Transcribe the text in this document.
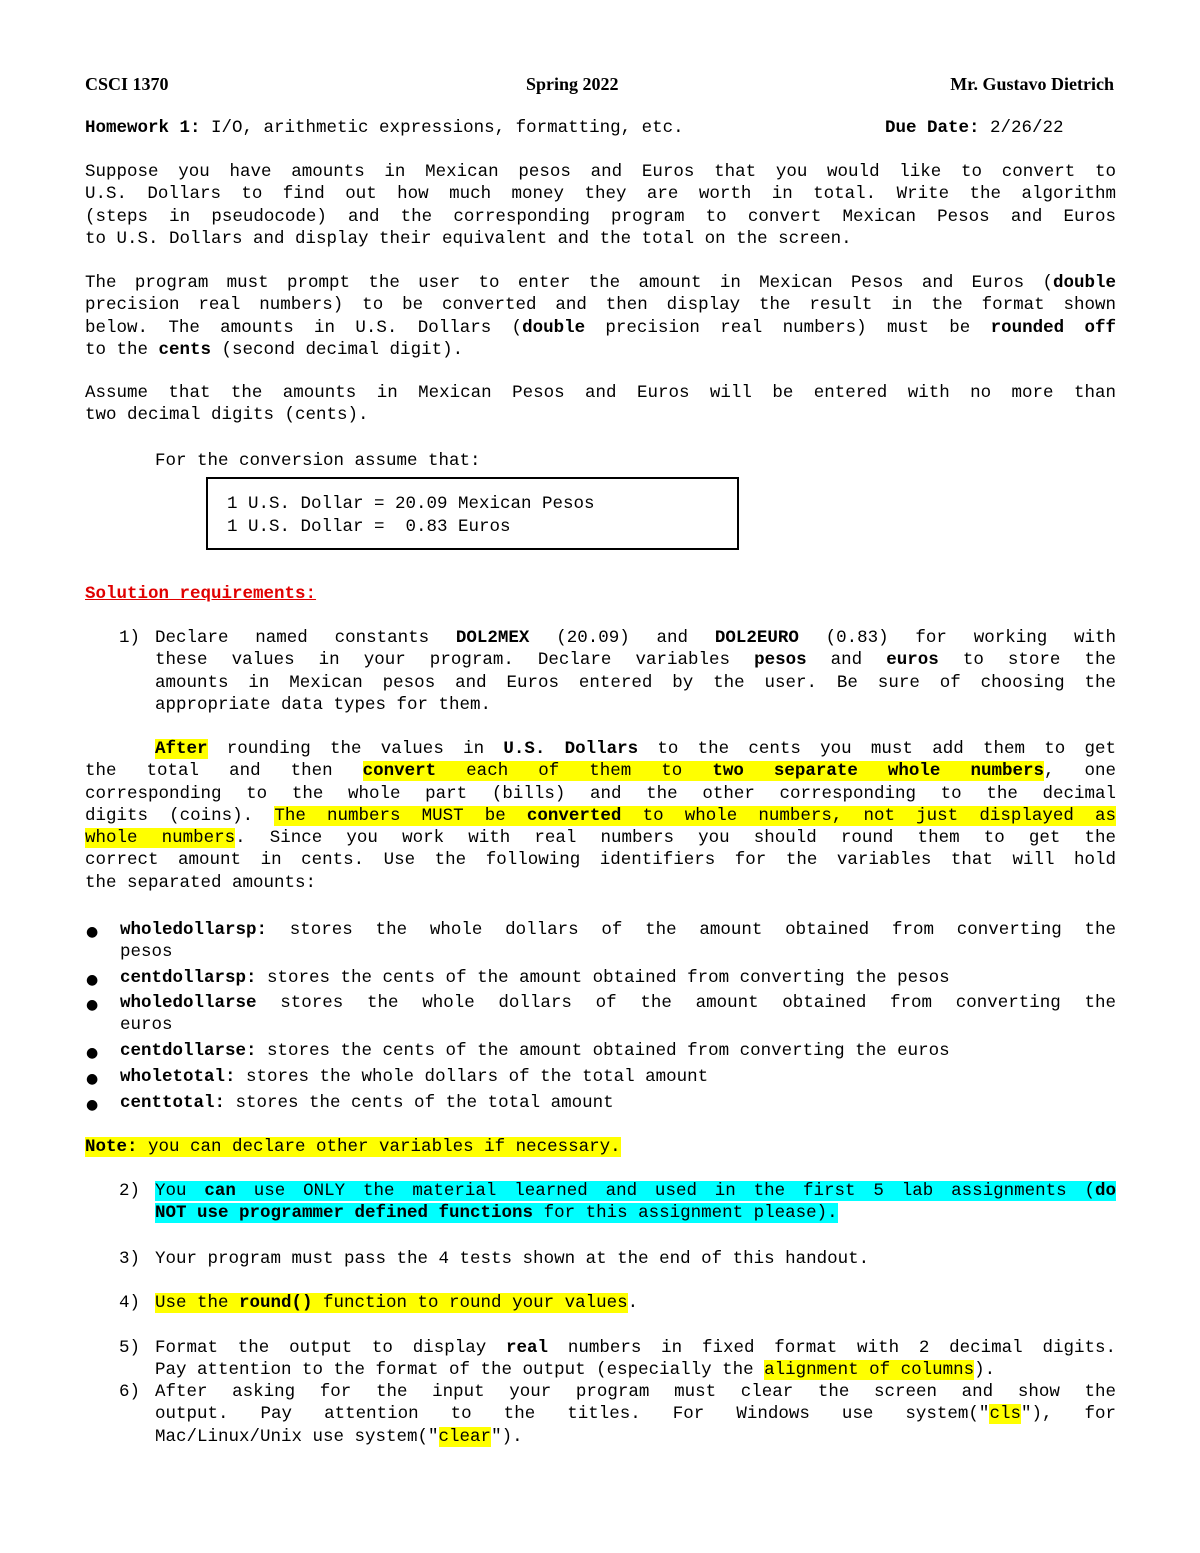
CSCI 1370	Spring 2022	Mr. Gustavo Dietrich
Homework 1: I/O, arithmetic expressions, formatting, etc.	Due Date: 2/26/22
Suppose you have amounts in Mexican pesos and Euros that you would like to convert to
U.S. Dollars to find out how much money they are worth in total. Write the algorithm
(steps in pseudocode) and the corresponding program to convert Mexican Pesos and Euros
to U.S. Dollars and display their equivalent and the total on the screen.
The program must prompt the user to enter the amount in Mexican Pesos and Euros (double
precision real numbers) to be converted and then display the result in the format shown
below. The amounts in U.S. Dollars (double precision real numbers) must be rounded off
to the cents (second decimal digit).
Assume that the amounts in Mexican Pesos and Euros will be entered with no more than
two decimal digits (cents).
For the conversion assume that:
1 U.S. Dollar = 20.09 Mexican Pesos
1 U.S. Dollar =  0.83 Euros
Solution requirements:
1) Declare named constants DOL2MEX (20.09) and DOL2EURO (0.83) for working with
these values in your program. Declare variables pesos and euros to store the
amounts in Mexican pesos and Euros entered by the user. Be sure of choosing the
appropriate data types for them.
After rounding the values in U.S. Dollars to the cents you must add them to get
the total and then convert each of them to two separate whole numbers, one
corresponding to the whole part (bills) and the other corresponding to the decimal
digits (coins). The numbers MUST be converted to whole numbers, not just displayed as
whole numbers. Since you work with real numbers you should round them to get the
correct amount in cents. Use the following identifiers for the variables that will hold
the separated amounts:
● wholedollarsp: stores the whole dollars of the amount obtained from converting the
pesos
● centdollarsp: stores the cents of the amount obtained from converting the pesos
● wholedollarse stores the whole dollars of the amount obtained from converting the
euros
● centdollarse: stores the cents of the amount obtained from converting the euros
● wholetotal: stores the whole dollars of the total amount
● centtotal: stores the cents of the total amount
Note: you can declare other variables if necessary.
2) You can use ONLY the material learned and used in the first 5 lab assignments (do
NOT use programmer defined functions for this assignment please).
3) Your program must pass the 4 tests shown at the end of this handout.
4) Use the round() function to round your values.
5) Format the output to display real numbers in fixed format with 2 decimal digits.
Pay attention to the format of the output (especially the alignment of columns).
6) After asking for the input your program must clear the screen and show the
output. Pay attention to the titles. For Windows use system("cls"), for
Mac/Linux/Unix use system("clear").
